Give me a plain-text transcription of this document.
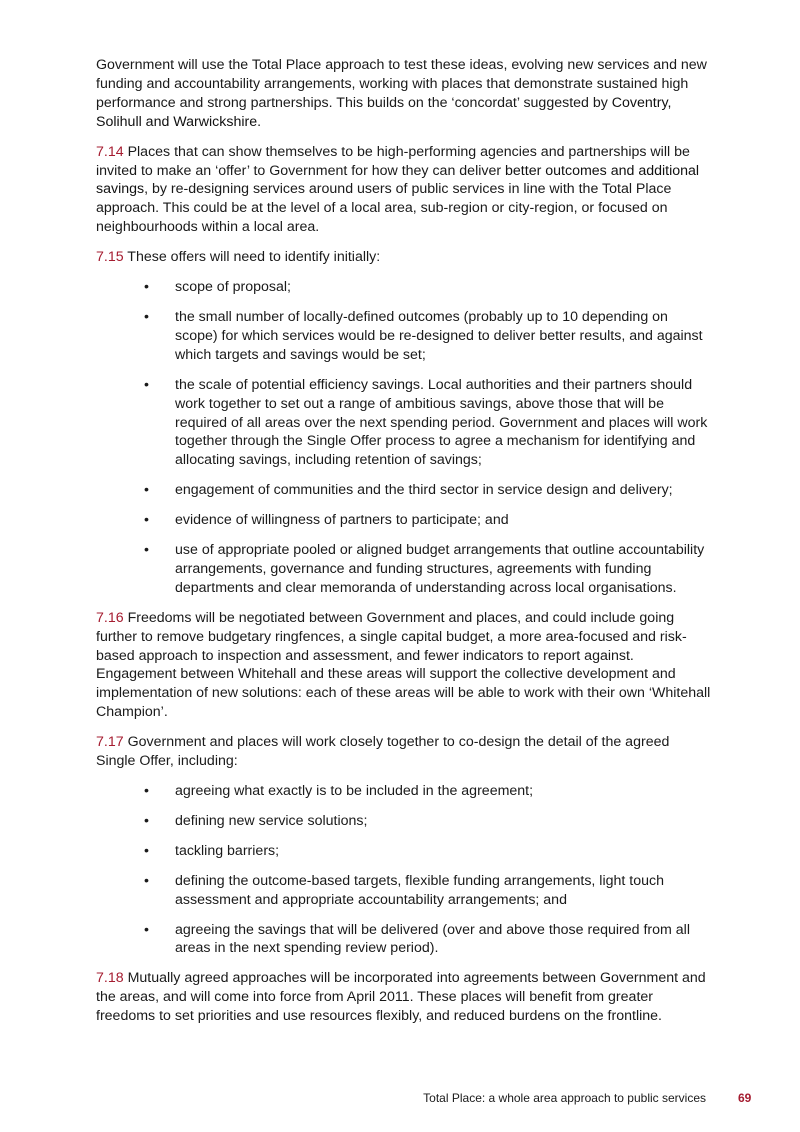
Government will use the Total Place approach to test these ideas, evolving new services and new funding and accountability arrangements, working with places that demonstrate sustained high performance and strong partnerships. This builds on the ‘concordat’ suggested by Coventry, Solihull and Warwickshire.

7.14 Places that can show themselves to be high-performing agencies and partnerships will be invited to make an ‘offer’ to Government for how they can deliver better outcomes and additional savings, by re-designing services around users of public services in line with the Total Place approach. This could be at the level of a local area, sub-region or city-region, or focused on neighbourhoods within a local area.

7.15 These offers will need to identify initially:

• scope of proposal;
• the small number of locally-defined outcomes (probably up to 10 depending on scope) for which services would be re-designed to deliver better results, and against which targets and savings would be set;
• the scale of potential efficiency savings. Local authorities and their partners should work together to set out a range of ambitious savings, above those that will be required of all areas over the next spending period. Government and places will work together through the Single Offer process to agree a mechanism for identifying and allocating savings, including retention of savings;
• engagement of communities and the third sector in service design and delivery;
• evidence of willingness of partners to participate; and
• use of appropriate pooled or aligned budget arrangements that outline accountability arrangements, governance and funding structures, agreements with funding departments and clear memoranda of understanding across local organisations.

7.16 Freedoms will be negotiated between Government and places, and could include going further to remove budgetary ringfences, a single capital budget, a more area-focused and risk-based approach to inspection and assessment, and fewer indicators to report against. Engagement between Whitehall and these areas will support the collective development and implementation of new solutions: each of these areas will be able to work with their own ‘Whitehall Champion’.

7.17 Government and places will work closely together to co-design the detail of the agreed Single Offer, including:

• agreeing what exactly is to be included in the agreement;
• defining new service solutions;
• tackling barriers;
• defining the outcome-based targets, flexible funding arrangements, light touch assessment and appropriate accountability arrangements; and
• agreeing the savings that will be delivered (over and above those required from all areas in the next spending review period).

7.18 Mutually agreed approaches will be incorporated into agreements between Government and the areas, and will come into force from April 2011. These places will benefit from greater freedoms to set priorities and use resources flexibly, and reduced burdens on the frontline.

Total Place: a whole area approach to public services	69
